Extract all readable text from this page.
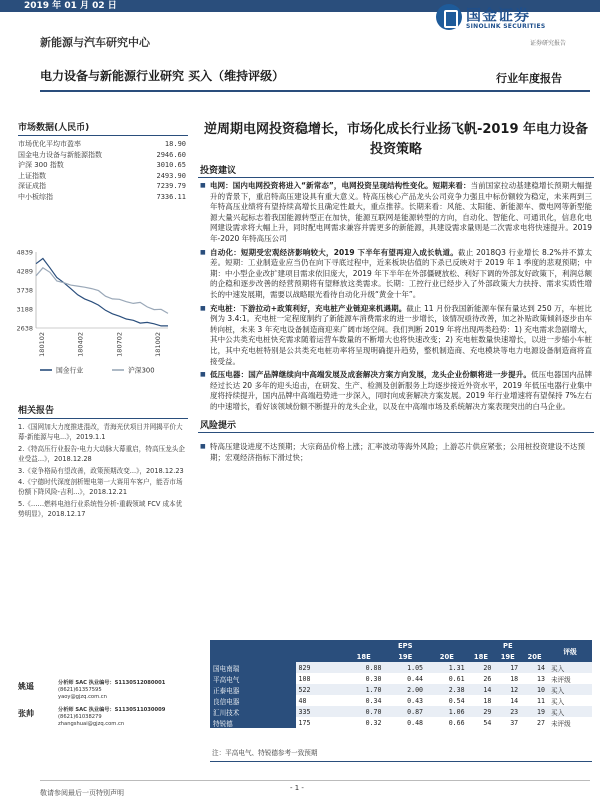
2019 年 01 月 02 日	国金证券
SINOLINK SECURITIES
证券研究报告
新能源与汽车研究中心
电力设备与新能源行业研究 买入（维持评级）	行业年度报告
市场数据(人民币)
市场优化平均市盈率	18.90
国金电力设备与新能源指数	2946.60
沪深 300 指数	3010.65
上证指数	2493.90
深证成指	7239.79
中小板综指	7336.11
4839
4289
3738
3188
2638
180102	180402	180702	181002
国金行业	沪深300
相关报告
1.《国网加大力度推进混改，青海光伏项目并网揭平价大幕-新能源与电...》，2019.1.1
2.《特高压行业报告-电力大动脉大幕重启，特高压龙头企业受益...》，2018.12.28
3.《竞争格局有望改善，政策预期改变...》，2018.12.23
4.《宁德时代深度剖析锂电第一大赛用车客户，能否市场份额下降风险-吉利...》，2018.12.21
5.《……燃料电池行业系统性分析-重载领域 FCV 成本优势明显》，2018.12.17
姚遥	分析师 SAC 执业编号：S1130512080001
(8621)61357595
yaoy@gjzq.com.cn
张帅	分析师 SAC 执业编号：S1130511030009
(8621)61038279
zhangshuai@gjzq.com.cn
逆周期电网投资稳增长，市场化成长行业扬飞帆-2019 年电力设备投资策略
投资建议
■ 电网：国内电网投资将进入“新常态”，电网投资呈现结构性变化。短期来看：当前国家拉动基建稳增长预期大幅提升的背景下，重启特高压建设具有重大意义。特高压核心产品龙头公司竞争力强且中标份额较为稳定，未来两到三年特高压业绩将有望持续高增长且确定性最大，重点推荐。长期来看：风能、太阳能、新能源车、微电网等新型能源大量兴起标志着我国能源转型正在加快，能源互联网是能源转型的方向，自动化、智能化、可通讯化，信息化电网建设需求将大幅上升，同时配电网需求兼容并需更多的新能源，具建设需求量则是二次需求电将快速提升。2019 年-2020 年特高压公司
■ 自动化：短期受宏观经济影响较大，2019 下半年有望再迎入成长轨道。截止 2018Q3 行业增长 8.2%并不算太差。短期：工业制造业应当仍在向下寻底过程中，近来板块估值的下杀已反映对于 2019 年 1 季度的悲观预期；中期：中小型企业改扩建项目需求依旧庞大，2019 年下半年在外部僵硬放松、利好下调的外部友好政策下，利润总额的企稳和逐步改善的经营预期将有望释放这类需求。长期：工控行业已经步入了外部政策大力扶持、需求实质性增长的中速发展期，需要以战略眼光看待自动化升级“黄金十年”。
■ 充电桩：下游拉动+政策利好，充电桩产业链迎来机遇期。截止 11 月份我国新能源车保有量达到 250 万，车桩比例为 3.4:1。充电桩一定程度制约了新能源车消费需求的进一步增长，该情况亟待改善，加之补贴政策倾斜逐步由车转向桩，未来 3 年充电设备制造商迎来广阔市场空间。我们判断 2019 年将出现两类趋势：1) 充电需求急剧增大，其中公共类充电桩快充需求随着运营车数量的不断增大也将快速改变；2) 充电桩数量快速增长，以进一步缩小车桩比，其中充电桩特别是公共类充电桩功率将呈现明确提升趋势，整机制造商、充电模块等电力电源设备制造商将直接受益。
■ 低压电器：国产品牌继续向中高端发展及成套解决方案方向发展，龙头企业份额将进一步提升。低压电器国内品牌经过长达 20 多年的迎头追击，在研发、生产、检测及创新服务上均逐步接近外资水平，2019 年低压电器行业集中度将持续提升，国内品牌中高端趋势进一步深入，同时向成套解决方案发展。2019 年行业增速将有望保持 7%左右的中速增长，看好该领域份额不断提升的龙头企业，以及在中高端市场及系统解决方案表现突出的白马企业。
风险提示
■ 特高压建设进度不达预期；大宗商品价格上涨；汇率波动等海外风险；上游芯片供应紧张；公用桩投资建设不达预期；宏观经济指标下滑过快；
		EPS			PE			评级
		18E	19E	20E	18E	19E	20E	
国电南瑞	829	0.88	1.05	1.31	20	17	14	买入
平高电气	108	0.30	0.44	0.61	26	18	13	未评级
正泰电器	522	1.70	2.00	2.38	14	12	10	买入
良信电器	48	0.34	0.43	0.54	18	14	11	买入
汇川技术	335	0.70	0.87	1.06	29	23	19	买入
特锐德	175	0.32	0.48	0.66	54	37	27	未评级
注：平高电气、特锐德参考一致预期
敬请参阅最后一页特别声明
- 1 -
